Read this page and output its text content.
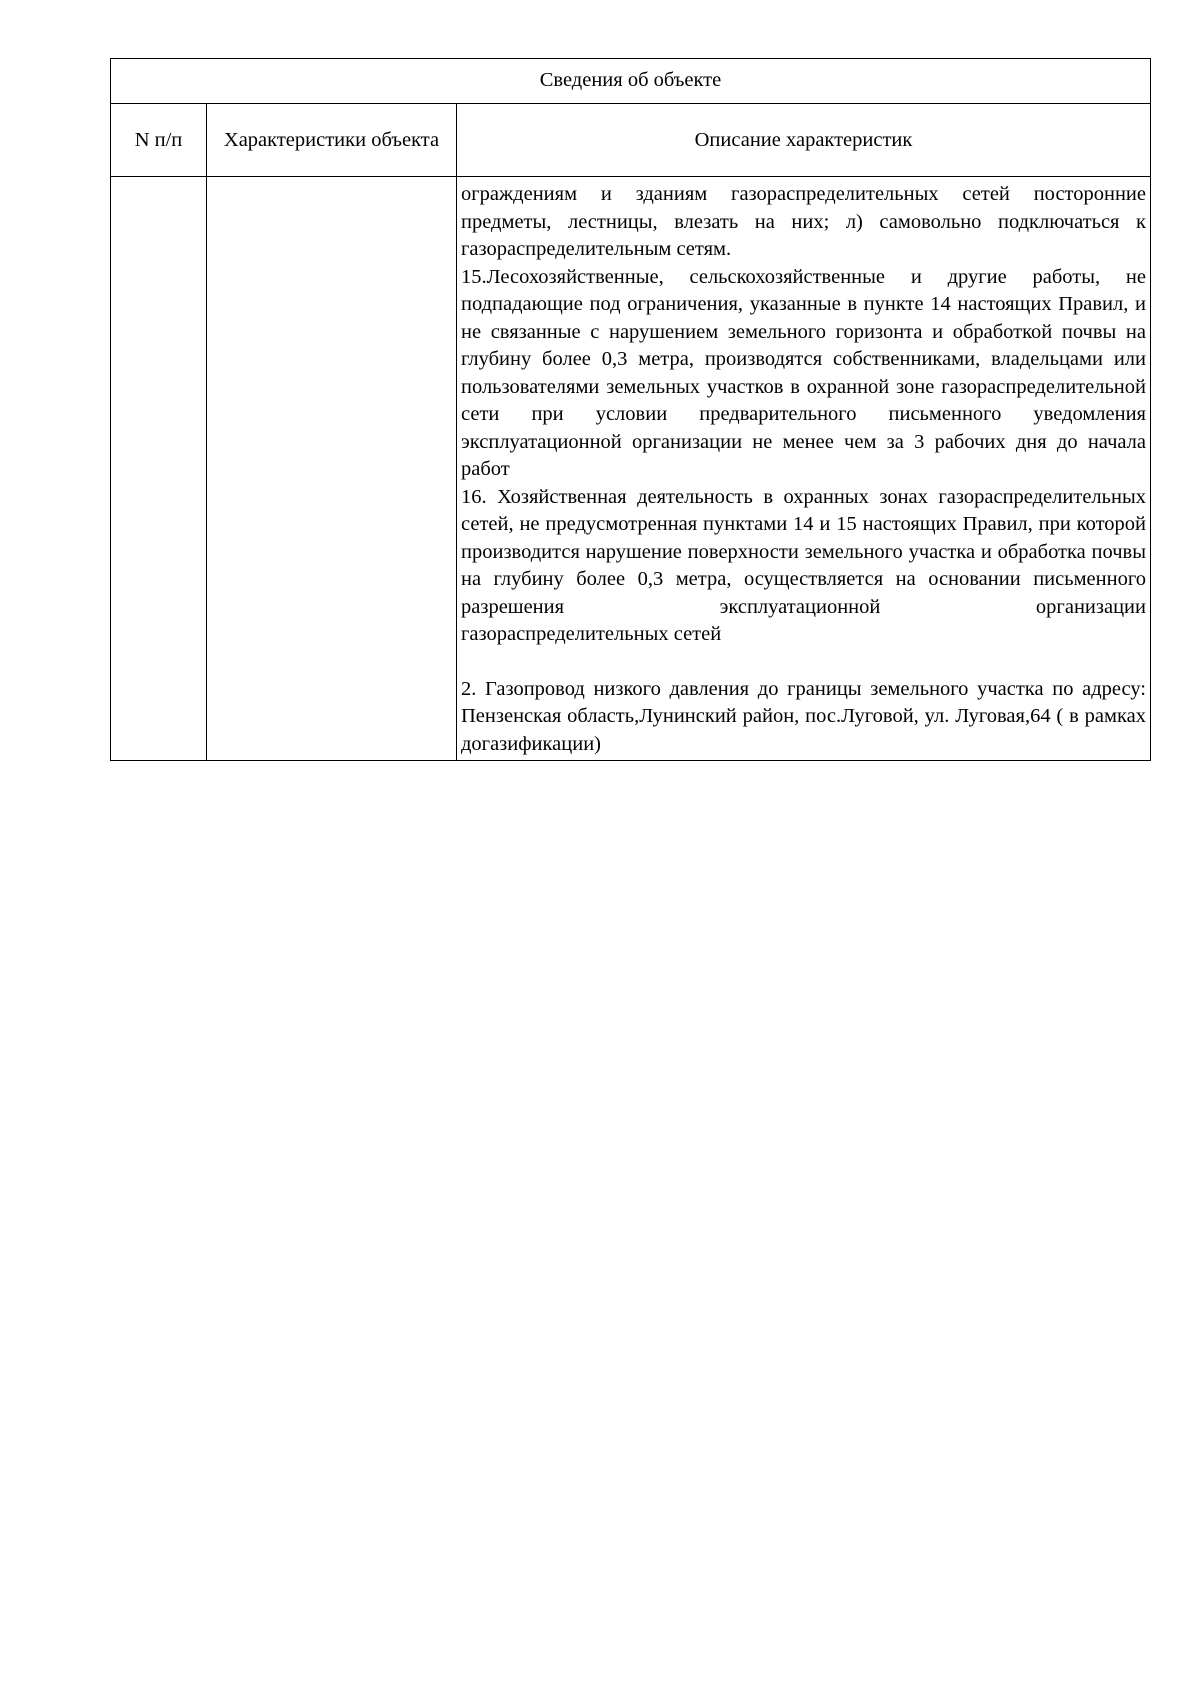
Сведения об объекте		
N п/п	Характеристики объекта	Описание характеристик

		ограждениям и зданиям газораспределительных сетей посторонние предметы, лестницы, влезать на них; л) самовольно подключаться к газораспределительным сетям.

15.Лесохозяйственные, сельскохозяйственные и другие работы, не подпадающие под ограничения, указанные в пункте 14 настоящих Правил, и не связанные с нарушением земельного горизонта и обработкой почвы на глубину более 0,3 метра, производятся собственниками, владельцами или пользователями земельных участков в охранной зоне газораспределительной сети при условии предварительного письменного уведомления эксплуатационной организации не менее чем за 3 рабочих дня до начала работ

16. Хозяйственная деятельность в охранных зонах газораспределительных сетей, не предусмотренная пунктами 14 и 15 настоящих Правил, при которой производится нарушение поверхности земельного участка и обработка почвы на глубину более 0,3 метра, осуществляется на основании письменного разрешения эксплуатационной организации

газораспределительных сетей

2. Газопровод низкого давления до границы земельного участка по адресу: Пензенская область,Лунинский район, пос.Луговой, ул. Луговая,64 ( в рамках догазификации)
